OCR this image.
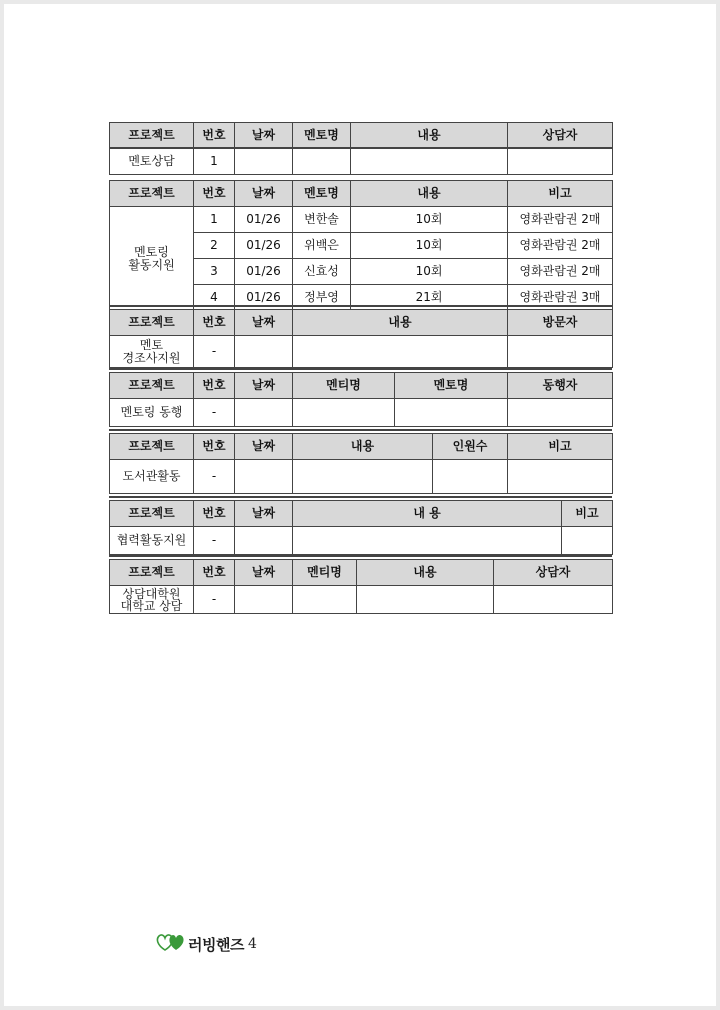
프로젝트	번호	날짜	멘토명	내용	상담자
멘토상담	1				
프로젝트	번호	날짜	멘토명	내용	비고
멘토링
활동지원	1	01/26	변한솔	10회	영화관람권 2매
	2	01/26	위백은	10회	영화관람권 2매
	3	01/26	신효성	10회	영화관람권 2매
	4	01/26	정부영	21회	영화관람권 3매
프로젝트	번호	날짜	내용	방문자
멘토
경조사지원	-			
프로젝트	번호	날짜	멘티명	멘토명	동행자
멘토링 동행	-				
프로젝트	번호	날짜	내용	인원수	비고
도서관활동	-				
프로젝트	번호	날짜	내 용	비고
협력활동지원	-			
프로젝트	번호	날짜	멘티명	내용	상담자
상담대학원
대학교 상담	-				
러빙핸즈 4
